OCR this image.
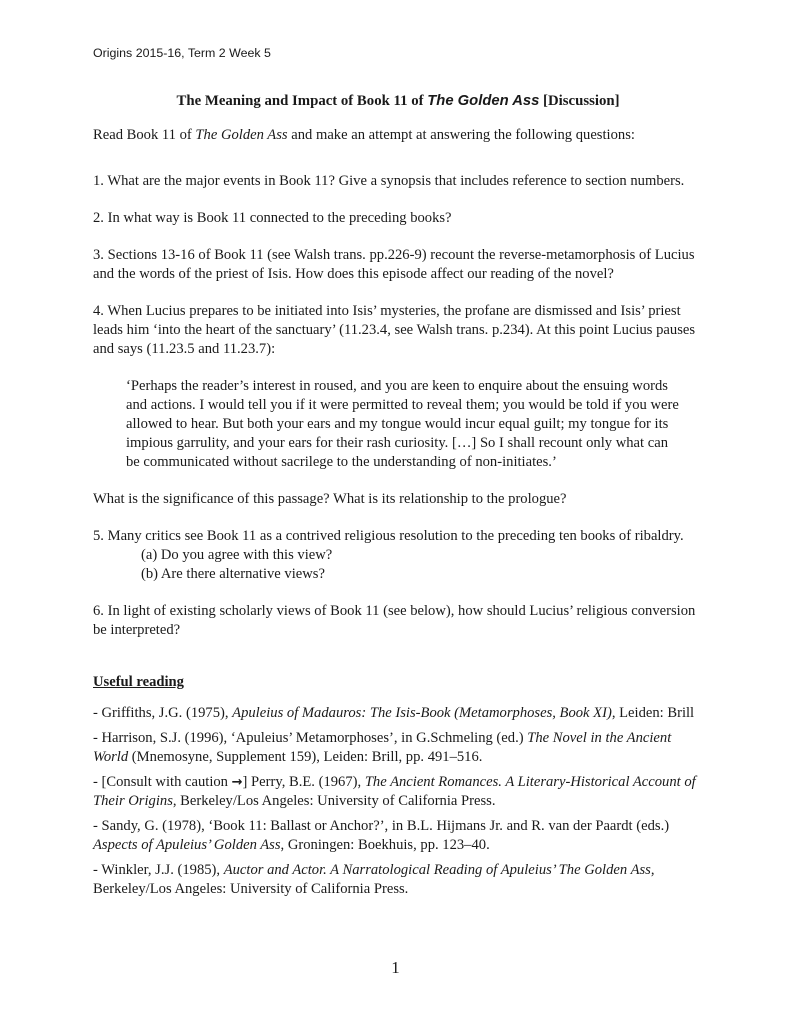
Origins 2015-16, Term 2 Week 5

The Meaning and Impact of Book 11 of The Golden Ass [Discussion]

Read Book 11 of The Golden Ass and make an attempt at answering the following questions:

1. What are the major events in Book 11? Give a synopsis that includes reference to section numbers.

2. In what way is Book 11 connected to the preceding books?

3. Sections 13-16 of Book 11 (see Walsh trans. pp.226-9) recount the reverse-metamorphosis of Lucius and the words of the priest of Isis. How does this episode affect our reading of the novel?

4. When Lucius prepares to be initiated into Isis’ mysteries, the profane are dismissed and Isis’ priest leads him ‘into the heart of the sanctuary’ (11.23.4, see Walsh trans. p.234). At this point Lucius pauses and says (11.23.5 and 11.23.7):

‘Perhaps the reader’s interest in roused, and you are keen to enquire about the ensuing words and actions. I would tell you if it were permitted to reveal them; you would be told if you were allowed to hear. But both your ears and my tongue would incur equal guilt; my tongue for its impious garrulity, and your ears for their rash curiosity. […] So I shall recount only what can be communicated without sacrilege to the understanding of non-initiates.’

What is the significance of this passage? What is its relationship to the prologue?

5. Many critics see Book 11 as a contrived religious resolution to the preceding ten books of ribaldry.

(a) Do you agree with this view?

(b) Are there alternative views?

6. In light of existing scholarly views of Book 11 (see below), how should Lucius’ religious conversion be interpreted?

Useful reading

- Griffiths, J.G. (1975), Apuleius of Madauros: The Isis-Book (Metamorphoses, Book XI), Leiden: Brill

- Harrison, S.J. (1996), ‘Apuleius’ Metamorphoses’, in G.Schmeling (ed.) The Novel in the Ancient World (Mnemosyne, Supplement 159), Leiden: Brill, pp. 491–516.

- [Consult with caution →] Perry, B.E. (1967), The Ancient Romances. A Literary-Historical Account of Their Origins, Berkeley/Los Angeles: University of California Press.

- Sandy, G. (1978), ‘Book 11: Ballast or Anchor?’, in B.L. Hijmans Jr. and R. van der Paardt (eds.) Aspects of Apuleius’ Golden Ass, Groningen: Boekhuis, pp. 123–40.

- Winkler, J.J. (1985), Auctor and Actor. A Narratological Reading of Apuleius’ The Golden Ass, Berkeley/Los Angeles: University of California Press.

1
